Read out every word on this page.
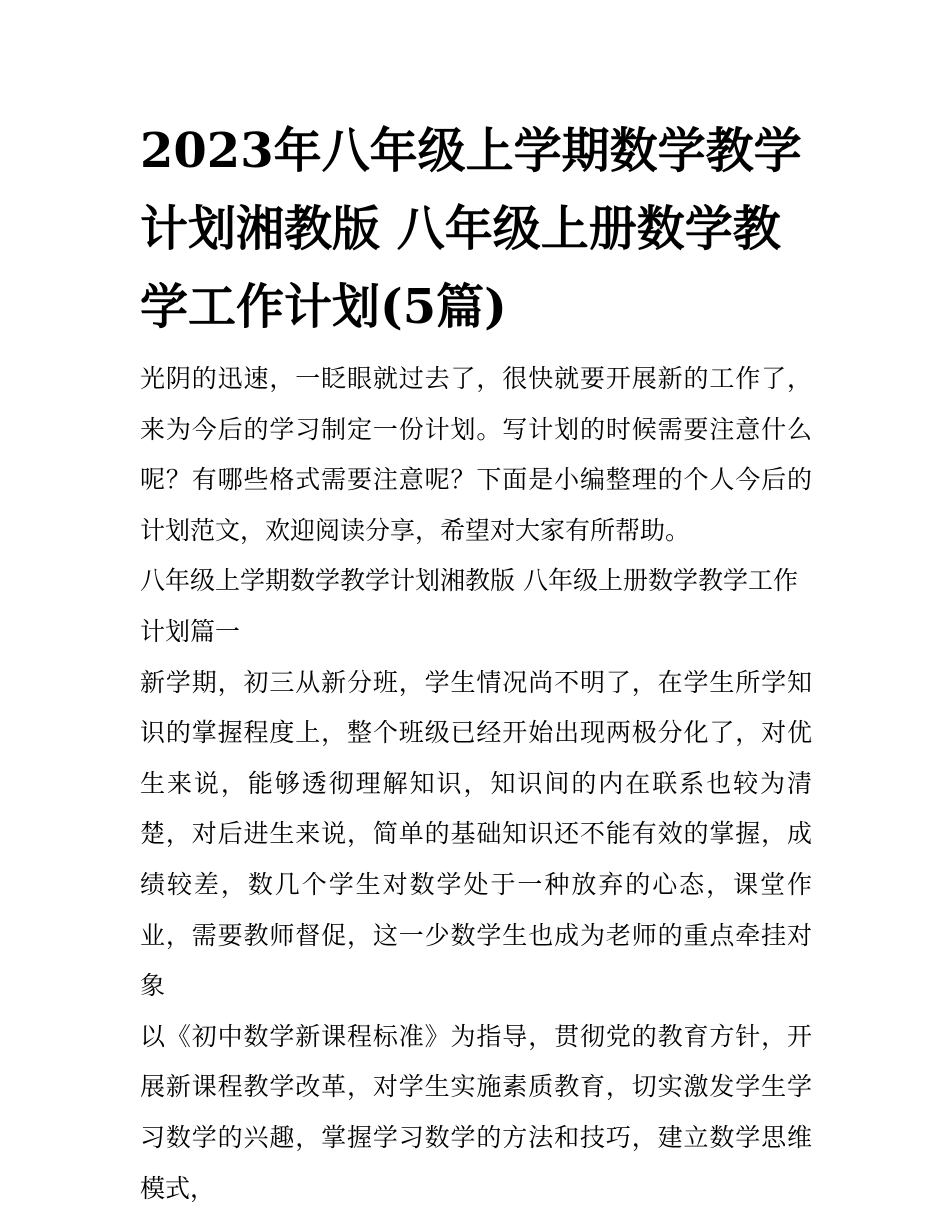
2023年八年级上学期数学教学计划湘教版 八年级上册数学教学工作计划(5篇)

光阴的迅速，一眨眼就过去了，很快就要开展新的工作了，来为今后的学习制定一份计划。写计划的时候需要注意什么呢？有哪些格式需要注意呢？下面是小编整理的个人今后的计划范文，欢迎阅读分享，希望对大家有所帮助。

八年级上学期数学教学计划湘教版 八年级上册数学教学工作计划篇一

新学期，初三从新分班，学生情况尚不明了，在学生所学知识的掌握程度上，整个班级已经开始出现两极分化了，对优生来说，能够透彻理解知识，知识间的内在联系也较为清楚，对后进生来说，简单的基础知识还不能有效的掌握，成绩较差，数几个学生对数学处于一种放弃的心态，课堂作业，需要教师督促，这一少数学生也成为老师的重点牵挂对象

以《初中数学新课程标准》为指导，贯彻党的教育方针，开展新课程教学改革，对学生实施素质教育，切实激发学生学习数学的兴趣，掌握学习数学的方法和技巧，建立数学思维模式，
